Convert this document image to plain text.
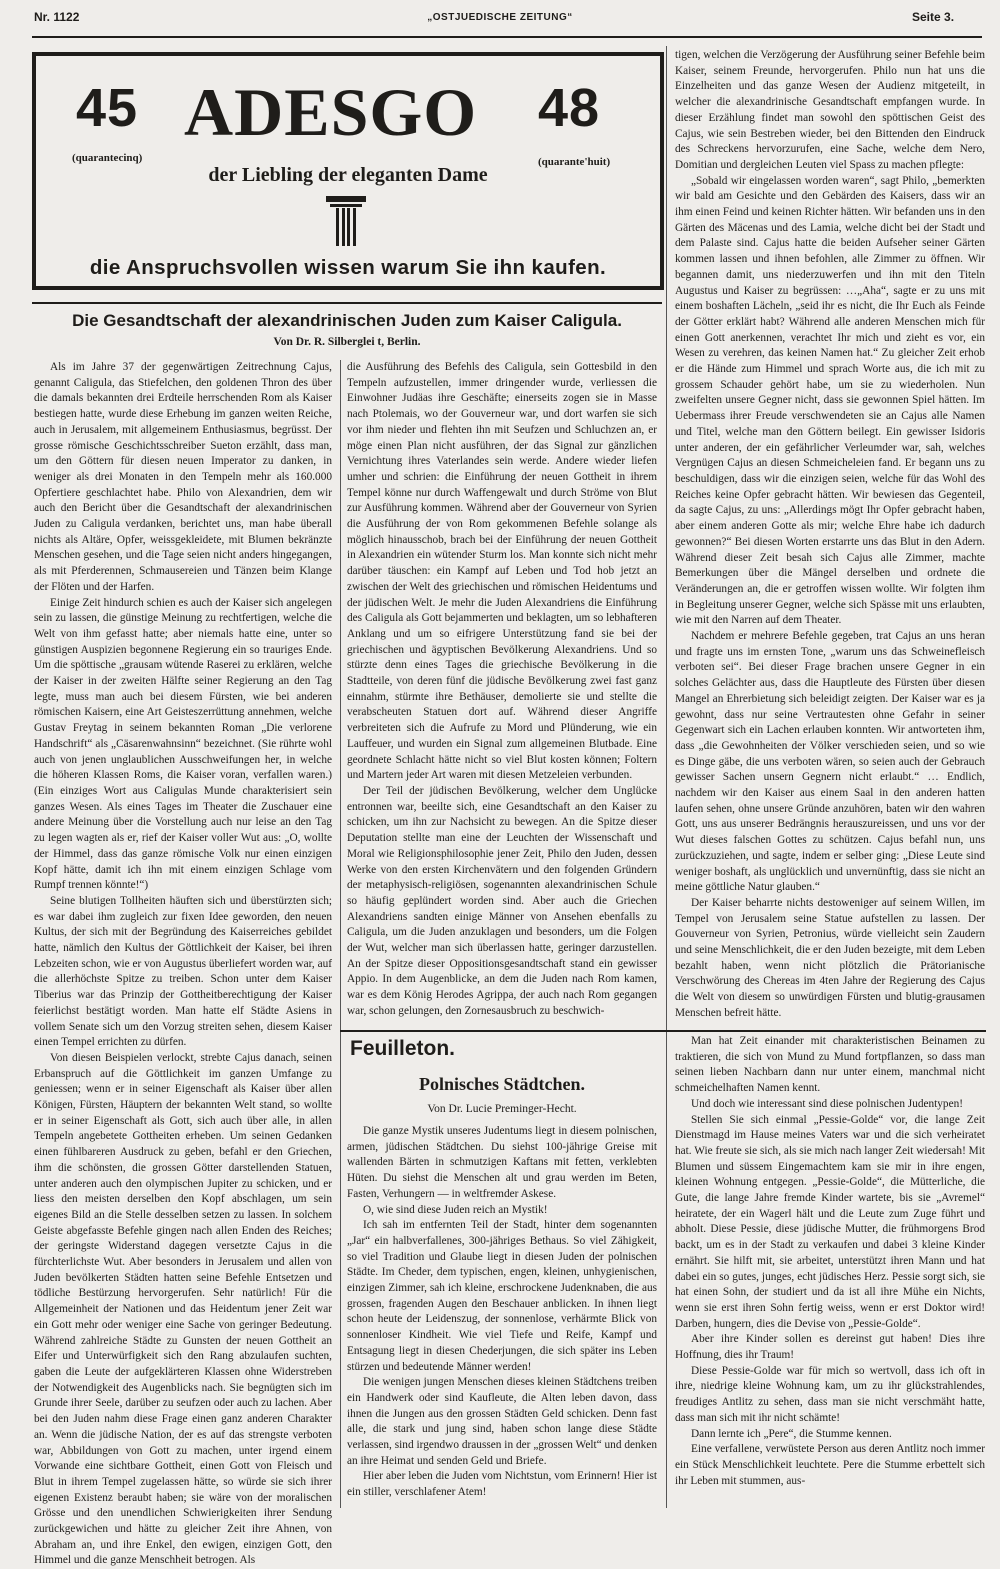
Nr. 1122	„OSTJUEDISCHE ZEITUNG“	Seite 3.
45 ADESGO 48
(quarantecinq)	(quarante'huit)
der Liebling der eleganten Dame
die Anspruchsvollen wissen warum Sie ihn kaufen.
Die Gesandtschaft der alexandrinischen Juden zum Kaiser Caligula.
Von Dr. R. Silberglei t, Berlin.

Als im Jahre 37 der gegenwärtigen Zeitrechnung Cajus, genannt Caligula, das Stiefelchen, den goldenen Thron des über die damals bekannten drei Erdteile herrschenden Rom als Kaiser bestiegen hatte, wurde diese Erhebung im ganzen weiten Reiche, auch in Jerusalem, mit allgemeinem Enthusiasmus, begrüsst. Der grosse römische Geschichtsschreiber Sueton erzählt, dass man, um den Göttern für diesen neuen Imperator zu danken, in weniger als drei Monaten in den Tempeln mehr als 160.000 Opfertiere geschlachtet habe. Philo von Alexandrien, dem wir auch den Bericht über die Gesandtschaft der alexandrinischen Juden zu Caligula verdanken, berichtet uns, man habe überall nichts als Altäre, Opfer, weissgekleidete, mit Blumen bekränzte Menschen gesehen, und die Tage seien nicht anders hingegangen, als mit Pferderennen, Schmausereien und Tänzen beim Klange der Flöten und der Harfen.

Einige Zeit hindurch schien es auch der Kaiser sich angelegen sein zu lassen, die günstige Meinung zu rechtfertigen, welche die Welt von ihm gefasst hatte; aber niemals hatte eine, unter so günstigen Auspizien begonnene Regierung ein so trauriges Ende. Um die spöttische „grausam wütende Raserei zu erklären, welche der Kaiser in der zweiten Hälfte seiner Regierung an den Tag legte, muss man auch bei diesem Fürsten, wie bei anderen römischen Kaisern, eine Art Geisteszerrüttung annehmen, welche Gustav Freytag in seinem bekannten Roman „Die verlorene Handschrift“ als „Cäsarenwahnsinn“ bezeichnet. (Sie rührte wohl auch von jenen unglaublichen Ausschweifungen her, in welche die höheren Klassen Roms, die Kaiser voran, verfallen waren.) (Ein einziges Wort aus Caligulas Munde charakterisiert sein ganzes Wesen. Als eines Tages im Theater die Zuschauer eine andere Meinung über die Vorstellung auch nur leise an den Tag zu legen wagten als er, rief der Kaiser voller Wut aus: „O, wollte der Himmel, dass das ganze römische Volk nur einen einzigen Kopf hätte, damit ich ihn mit einem einzigen Schlage vom Rumpf trennen könnte!“)

Seine blutigen Tollheiten häuften sich und überstürzten sich; es war dabei ihm zugleich zur fixen Idee geworden, den neuen Kultus, der sich mit der Begründung des Kaiserreiches gebildet hatte, nämlich den Kultus der Göttlichkeit der Kaiser, bei ihren Lebzeiten schon, wie er von Augustus überliefert worden war, auf die allerhöchste Spitze zu treiben. Schon unter dem Kaiser Tiberius war das Prinzip der Gottheitberechtigung der Kaiser feierlichst bestätigt worden. Man hatte elf Städte Asiens in vollem Senate sich um den Vorzug streiten sehen, diesem Kaiser einen Tempel errichten zu dürfen.

Von diesen Beispielen verlockt, strebte Cajus danach, seinen Erbanspruch auf die Göttlichkeit im ganzen Umfange zu geniessen; wenn er in seiner Eigenschaft als Kaiser über allen Königen, Fürsten, Häuptern der bekannten Welt stand, so wollte er in seiner Eigenschaft als Gott, sich auch über alle, in allen Tempeln angebetete Gottheiten erheben. Um seinen Gedanken einen fühlbareren Ausdruck zu geben, befahl er den Griechen, ihm die schönsten, die grossen Götter darstellenden Statuen, unter anderen auch den olympischen Jupiter zu schicken, und er liess den meisten derselben den Kopf abschlagen, um sein eigenes Bild an die Stelle desselben setzen zu lassen. In solchem Geiste abgefasste Befehle gingen nach allen Enden des Reiches; der geringste Widerstand dagegen versetzte Cajus in die fürchterlichste Wut. Aber besonders in Jerusalem und allen von Juden bevölkerten Städten hatten seine Befehle Entsetzen und tödliche Bestürzung hervorgerufen. Sehr natürlich! Für die Allgemeinheit der Nationen und das Heidentum jener Zeit war ein Gott mehr oder weniger eine Sache von geringer Bedeutung. Während zahlreiche Städte zu Gunsten der neuen Gottheit an Eifer und Unterwürfigkeit sich den Rang abzulaufen suchten, gaben die Leute der aufgeklärteren Klassen ohne Widerstreben der Notwendigkeit des Augenblicks nach. Sie begnügten sich im Grunde ihrer Seele, darüber zu seufzen oder auch zu lachen. Aber bei den Juden nahm diese Frage einen ganz anderen Charakter an. Wenn die jüdische Nation, der es auf das strengste verboten war, Abbildungen von Gott zu machen, unter irgend einem Vorwande eine sichtbare Gottheit, einen Gott von Fleisch und Blut in ihrem Tempel zugelassen hätte, so würde sie sich ihrer eigenen Existenz beraubt haben; sie wäre von der moralischen Grösse und den unendlichen Schwierigkeiten ihrer Sendung zurückgewichen und hätte zu gleicher Zeit ihre Ahnen, von Abraham an, und ihre Enkel, den ewigen, einzigen Gott, den Himmel und die ganze Menschheit betrogen. Als

die Ausführung des Befehls des Caligula, sein Gottesbild in den Tempeln aufzustellen, immer dringender wurde, verliessen die Einwohner Judäas ihre Geschäfte; einerseits zogen sie in Masse nach Ptolemais, wo der Gouverneur war, und dort warfen sie sich vor ihm nieder und flehten ihn mit Seufzen und Schluchzen an, er möge einen Plan nicht ausführen, der das Signal zur gänzlichen Vernichtung ihres Vaterlandes sein werde. Andere wieder liefen umher und schrien: die Einführung der neuen Gottheit in ihrem Tempel könne nur durch Waffengewalt und durch Ströme von Blut zur Ausführung kommen. Während aber der Gouverneur von Syrien die Ausführung der von Rom gekommenen Befehle solange als möglich hinausschob, brach bei der Einführung der neuen Gottheit in Alexandrien ein wütender Sturm los. Man konnte sich nicht mehr darüber täuschen: ein Kampf auf Leben und Tod hob jetzt an zwischen der Welt des griechischen und römischen Heidentums und der jüdischen Welt. Je mehr die Juden Alexandriens die Einführung des Caligula als Gott bejammerten und beklagten, um so lebhafteren Anklang und um so eifrigere Unterstützung fand sie bei der griechischen und ägyptischen Bevölkerung Alexandriens. Und so stürzte denn eines Tages die griechische Bevölkerung in die Stadtteile, von deren fünf die jüdische Bevölkerung zwei fast ganz einnahm, stürmte ihre Bethäuser, demolierte sie und stellte die verabscheuten Statuen dort auf. Während dieser Angriffe verbreiteten sich die Aufrufe zu Mord und Plünderung, wie ein Lauffeuer, und wurden ein Signal zum allgemeinen Blutbade. Eine geordnete Schlacht hätte nicht so viel Blut kosten können; Foltern und Martern jeder Art waren mit diesen Metzeleien verbunden.

Der Teil der jüdischen Bevölkerung, welcher dem Unglücke entronnen war, beeilte sich, eine Gesandtschaft an den Kaiser zu schicken, um ihn zur Nachsicht zu bewegen. An die Spitze dieser Deputation stellte man eine der Leuchten der Wissenschaft und Moral wie Religionsphilosophie jener Zeit, Philo den Juden, dessen Werke von den ersten Kirchenvätern und den folgenden Gründern der metaphysisch-religiösen, sogenannten alexandrinischen Schule so häufig geplündert worden sind. Aber auch die Griechen Alexandriens sandten einige Männer von Ansehen ebenfalls zu Caligula, um die Juden anzuklagen und besonders, um die Folgen der Wut, welcher man sich überlassen hatte, geringer darzustellen. An der Spitze dieser Oppositionsgesandtschaft stand ein gewisser Appio. In dem Augenblicke, an dem die Juden nach Rom kamen, war es dem König Herodes Agrippa, der auch nach Rom gegangen war, schon gelungen, den Zornesausbruch zu beschwich-

tigen, welchen die Verzögerung der Ausführung seiner Befehle beim Kaiser, seinem Freunde, hervorgerufen. Philo nun hat uns die Einzelheiten und das ganze Wesen der Audienz mitgeteilt, in welcher die alexandrinische Gesandtschaft empfangen wurde. In dieser Erzählung findet man sowohl den spöttischen Geist des Cajus, wie sein Bestreben wieder, bei den Bittenden den Eindruck des Schreckens hervorzurufen, eine Sache, welche dem Nero, Domitian und dergleichen Leuten viel Spass zu machen pflegte:

„Sobald wir eingelassen worden waren“, sagt Philo, „bemerkten wir bald am Gesichte und den Gebärden des Kaisers, dass wir an ihm einen Feind und keinen Richter hätten. Wir befanden uns in den Gärten des Mäcenas und des Lamia, welche dicht bei der Stadt und dem Palaste sind. Cajus hatte die beiden Aufseher seiner Gärten kommen lassen und ihnen befohlen, alle Zimmer zu öffnen. Wir begannen damit, uns niederzuwerfen und ihn mit den Titeln Augustus und Kaiser zu begrüssen: …„Aha“, sagte er zu uns mit einem boshaften Lächeln, „seid ihr es nicht, die Ihr Euch als Feinde der Götter erklärt habt? Während alle anderen Menschen mich für einen Gott anerkennen, verachtet Ihr mich und zieht es vor, ein Wesen zu verehren, das keinen Namen hat.“ Zu gleicher Zeit erhob er die Hände zum Himmel und sprach Worte aus, die ich mit zu grossem Schauder gehört habe, um sie zu wiederholen. Nun zweifelten unsere Gegner nicht, dass sie gewonnen Spiel hätten. Im Uebermass ihrer Freude verschwendeten sie an Cajus alle Namen und Titel, welche man den Göttern beilegt. Ein gewisser Isidoris unter anderen, der ein gefährlicher Verleumder war, sah, welches Vergnügen Cajus an diesen Schmeicheleien fand. Er begann uns zu beschuldigen, dass wir die einzigen seien, welche für das Wohl des Reiches keine Opfer gebracht hätten. Wir bewiesen das Gegenteil, da sagte Cajus, zu uns: „Allerdings mögt Ihr Opfer gebracht haben, aber einem anderen Gotte als mir; welche Ehre habe ich dadurch gewonnen?“ Bei diesen Worten erstarrte uns das Blut in den Adern. Während dieser Zeit besah sich Cajus alle Zimmer, machte Bemerkungen über die Mängel derselben und ordnete die Veränderungen an, die er getroffen wissen wollte. Wir folgten ihm in Begleitung unserer Gegner, welche sich Spässe mit uns erlaubten, wie mit den Narren auf dem Theater.

Nachdem er mehrere Befehle gegeben, trat Cajus an uns heran und fragte uns im ernsten Tone, „warum uns das Schweinefleisch verboten sei“. Bei dieser Frage brachen unsere Gegner in ein solches Gelächter aus, dass die Hauptleute des Fürsten über diesen Mangel an Ehrerbietung sich beleidigt zeigten. Der Kaiser war es ja gewohnt, dass nur seine Vertrautesten ohne Gefahr in seiner Gegenwart sich ein Lachen erlauben konnten. Wir antworteten ihm, dass „die Gewohnheiten der Völker verschieden seien, und so wie es Dinge gäbe, die uns verboten wären, so seien auch der Gebrauch gewisser Sachen unsern Gegnern nicht erlaubt.“ … Endlich, nachdem wir den Kaiser aus einem Saal in den anderen hatten laufen sehen, ohne unsere Gründe anzuhören, baten wir den wahren Gott, uns aus unserer Bedrängnis herauszureissen, und uns vor der Wut dieses falschen Gottes zu schützen. Cajus befahl nun, uns zurückzuziehen, und sagte, indem er selber ging: „Diese Leute sind weniger boshaft, als unglücklich und unvernünftig, dass sie nicht an meine göttliche Natur glauben.“

Der Kaiser beharrte nichts destoweniger auf seinem Willen, im Tempel von Jerusalem seine Statue aufstellen zu lassen. Der Gouverneur von Syrien, Petronius, würde vielleicht sein Zaudern und seine Menschlichkeit, die er den Juden bezeigte, mit dem Leben bezahlt haben, wenn nicht plötzlich die Prätorianische Verschwörung des Chereas im 4ten Jahre der Regierung des Cajus die Welt von diesem so unwürdigen Fürsten und blutig-grausamen Menschen befreit hätte.

Feuilleton.
Polnisches Städtchen.
Von Dr. Lucie Preminger-Hecht.

Die ganze Mystik unseres Judentums liegt in diesem polnischen, armen, jüdischen Städtchen. Du siehst 100-jährige Greise mit wallenden Bärten in schmutzigen Kaftans mit fetten, verklebten Hüten. Du siehst die Menschen alt und grau werden im Beten, Fasten, Verhungern — in weltfremder Askese.

O, wie sind diese Juden reich an Mystik!

Ich sah im entfernten Teil der Stadt, hinter dem sogenannten „Jar“ ein halbverfallenes, 300-jähriges Bethaus. So viel Zähigkeit, so viel Tradition und Glaube liegt in diesen Juden der polnischen Städte. Im Cheder, dem typischen, engen, kleinen, unhygienischen, einzigen Zimmer, sah ich kleine, erschrockene Judenknaben, die aus grossen, fragenden Augen den Beschauer anblicken. In ihnen liegt schon heute der Leidenszug, der sonnenlose, verhärmte Blick von sonnenloser Kindheit. Wie viel Tiefe und Reife, Kampf und Entsagung liegt in diesen Chederjungen, die sich später ins Leben stürzen und bedeutende Männer werden!

Die wenigen jungen Menschen dieses kleinen Städtchens treiben ein Handwerk oder sind Kaufleute, die Alten leben davon, dass ihnen die Jungen aus den grossen Städten Geld schicken. Denn fast alle, die stark und jung sind, haben schon lange diese Städte verlassen, sind irgendwo draussen in der „grossen Welt“ und denken an ihre Heimat und senden Geld und Briefe.

Hier aber leben die Juden vom Nichtstun, vom Erinnern! Hier ist ein stiller, verschlafener Atem!

Man hat Zeit einander mit charakteristischen Beinamen zu traktieren, die sich von Mund zu Mund fortpflanzen, so dass man seinen lieben Nachbarn dann nur unter einem, manchmal nicht schmeichelhaften Namen kennt.

Und doch wie interessant sind diese polnischen Judentypen!

Stellen Sie sich einmal „Pessie-Golde“ vor, die lange Zeit Dienstmagd im Hause meines Vaters war und die sich verheiratet hat. Wie freute sie sich, als sie mich nach langer Zeit wiedersah! Mit Blumen und süssem Eingemachtem kam sie mir in ihre engen, kleinen Wohnung entgegen. „Pessie-Golde“, die Mütterliche, die Gute, die lange Jahre fremde Kinder wartete, bis sie „Avremel“ heiratete, der ein Wagerl hält und die Leute zum Zuge führt und abholt. Diese Pessie, diese jüdische Mutter, die frühmorgens Brod backt, um es in der Stadt zu verkaufen und dabei 3 kleine Kinder ernährt. Sie hilft mit, sie arbeitet, unterstützt ihren Mann und hat dabei ein so gutes, junges, echt jüdisches Herz. Pessie sorgt sich, sie hat einen Sohn, der studiert und da ist all ihre Mühe ein Nichts, wenn sie erst ihren Sohn fertig weiss, wenn er erst Doktor wird! Darben, hungern, dies die Devise von „Pessie-Golde“.

Aber ihre Kinder sollen es dereinst gut haben! Dies ihre Hoffnung, dies ihr Traum!

Diese Pessie-Golde war für mich so wertvoll, dass ich oft in ihre, niedrige kleine Wohnung kam, um zu ihr glückstrahlendes, freudiges Antlitz zu sehen, dass man sie nicht verschmäht hatte, dass man sich mit ihr nicht schämte!

Dann lernte ich „Pere“, die Stumme kennen.

Eine verfallene, verwüstete Person aus deren Antlitz noch immer ein Stück Menschlichkeit leuchtete. Pere die Stumme erbettelt sich ihr Leben mit stummen, aus-
